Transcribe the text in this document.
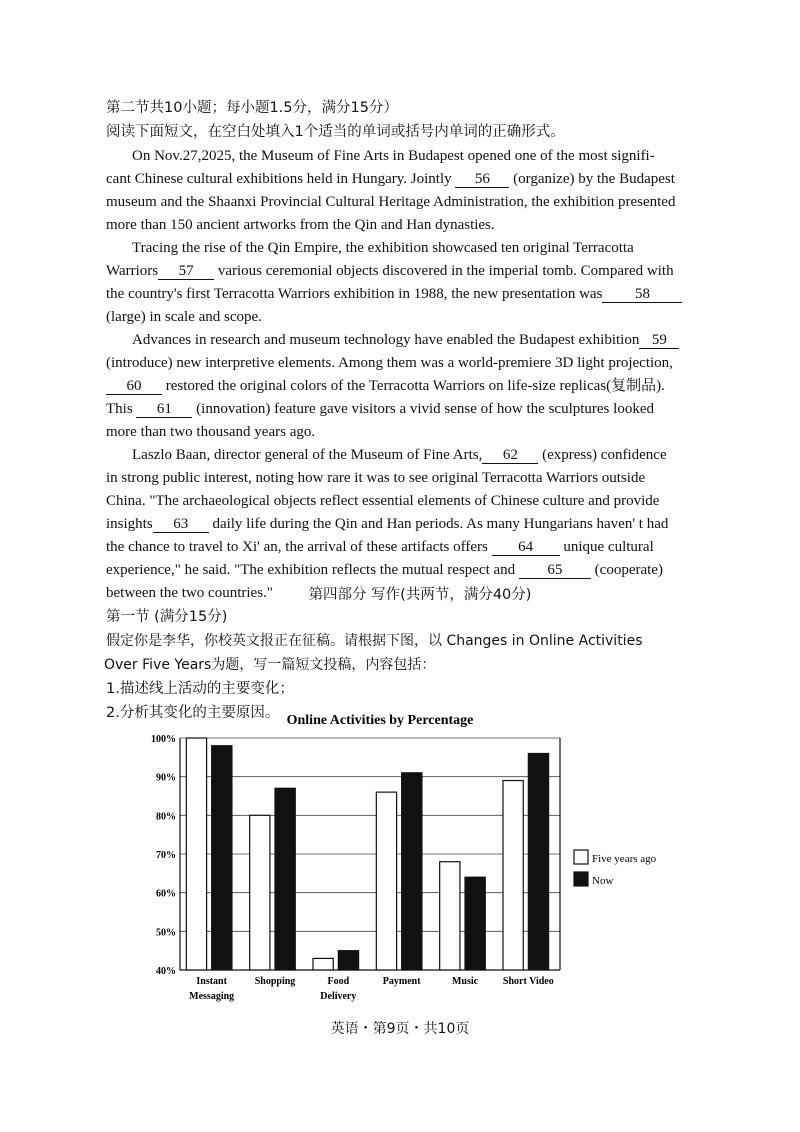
第二节共10小题；每小题1.5分，满分15分）
阅读下面短文，在空白处填入1个适当的单词或括号内单词的正确形式。
On Nov.27,2025, the Museum of Fine Arts in Budapest opened one of the most signifi-
cant Chinese cultural exhibitions held in Hungary. Jointly 56 (organize) by the Budapest
museum and the Shaanxi Provincial Cultural Heritage Administration, the exhibition presented
more than 150 ancient artworks from the Qin and Han dynasties.
Tracing the rise of the Qin Empire, the exhibition showcased ten original Terracotta
Warriors 57 various ceremonial objects discovered in the imperial tomb. Compared with
the country's first Terracotta Warriors exhibition in 1988, the new presentation was 58
(large) in scale and scope.
Advances in research and museum technology have enabled the Budapest exhibition 59
(introduce) new interpretive elements. Among them was a world-premiere 3D light projection,
60 restored the original colors of the Terracotta Warriors on life-size replicas(复制品).
This 61 (innovation) feature gave visitors a vivid sense of how the sculptures looked
more than two thousand years ago.
Laszlo Baan, director general of the Museum of Fine Arts, 62 (express) confidence
in strong public interest, noting how rare it was to see original Terracotta Warriors outside
China. "The archaeological objects reflect essential elements of Chinese culture and provide
insights 63 daily life during the Qin and Han periods. As many Hungarians haven' t had
the chance to travel to Xi' an, the arrival of these artifacts offers 64 unique cultural
experience," he said. "The exhibition reflects the mutual respect and 65 (cooperate)
between the two countries."	第四部分 写作(共两节，满分40分)
第一节 (满分15分)
假定你是李华，你校英文报正在征稿。请根据下图，以 Changes in Online Activities
Over Five Years为题，写一篇短文投稿，内容包括：
1.描述线上活动的主要变化；
2.分析其变化的主要原因。 Online Activities by Percentage
100%
90%
80%
70%
60%
50%
40%
Instant
Messaging
Shopping	Food
Delivery
Payment	Music Short Video
Five years ago
Now
英语・第9页・共10页
